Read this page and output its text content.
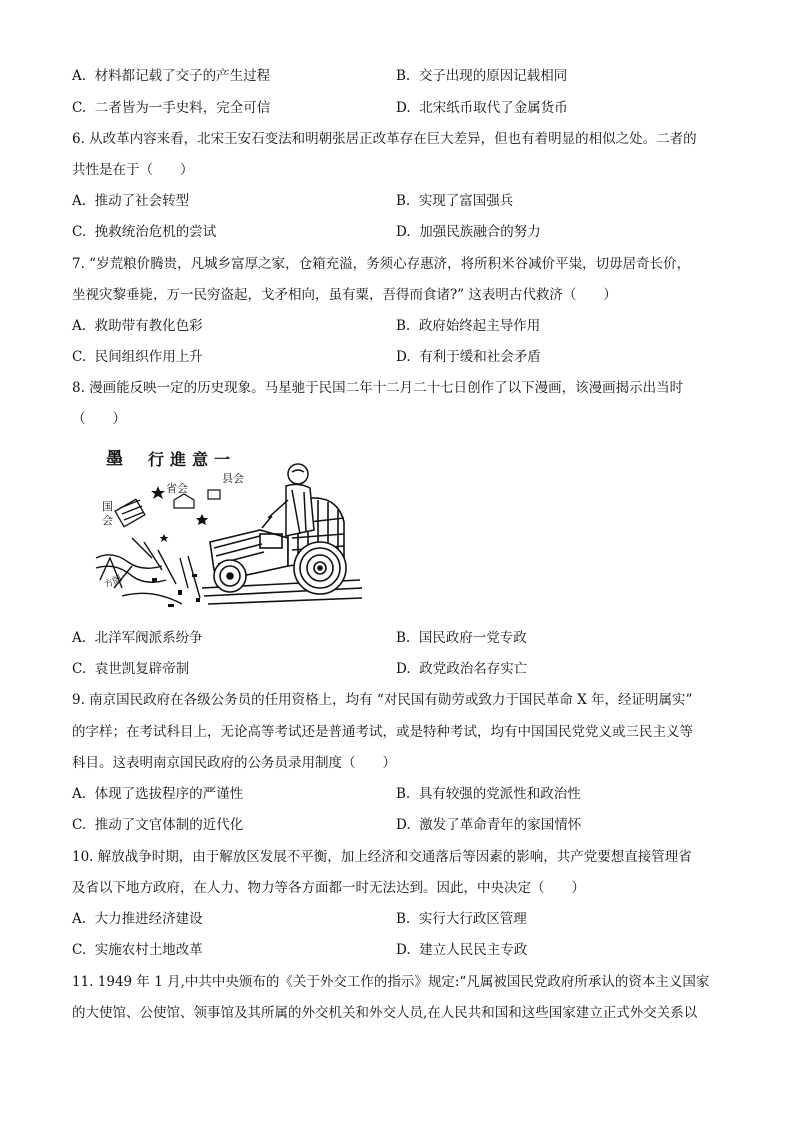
A. 材料都记载了交子的产生过程	B. 交子出现的原因记载相同
C. 二者皆为一手史料，完全可信	D. 北宋纸币取代了金属货币
6. 从改革内容来看，北宋王安石变法和明朝张居正改革存在巨大差异，但也有着明显的相似之处。二者的
共性是在于（　　）
A. 推动了社会转型	B. 实现了富国强兵
C. 挽救统治危机的尝试	D. 加强民族融合的努力
7. “岁荒粮价腾贵，凡城乡富厚之家，仓箱充溢，务须心存惠济，将所积米谷减价平粜，切毋居奇长价，
坐视灾黎垂毙，万一民穷盗起，戈矛相向，虽有粟，吾得而食诸?” 这表明古代救济（　　）
A. 救助带有教化色彩	B. 政府始终起主导作用
C. 民间组织作用上升	D. 有利于缓和社会矛盾
8. 漫画能反映一定的历史现象。马星驰于民国二年十二月二十七日创作了以下漫画，该漫画揭示出当时
（　　）
墨 行進意一
省会
县会
国
会
方阁
A. 北洋军阀派系纷争	B. 国民政府一党专政
C. 袁世凯复辟帝制	D. 政党政治名存实亡
9. 南京国民政府在各级公务员的任用资格上，均有 “对民国有勋劳或致力于国民革命 X 年，经证明属实”
的字样；在考试科目上，无论高等考试还是普通考试，或是特种考试，均有中国国民党党义或三民主义等
科目。这表明南京国民政府的公务员录用制度（　　）
A. 体现了选拔程序的严谨性	B. 具有较强的党派性和政治性
C. 推动了文官体制的近代化	D. 激发了革命青年的家国情怀
10. 解放战争时期，由于解放区发展不平衡，加上经济和交通落后等因素的影响，共产党要想直接管理省
及省以下地方政府，在人力、物力等各方面都一时无法达到。因此，中央决定（　　）
A. 大力推进经济建设	B. 实行大行政区管理
C. 实施农村土地改革	D. 建立人民民主专政
11. 1949 年 1 月,中共中央颁布的《关于外交工作的指示》规定:“凡属被国民党政府所承认的资本主义国家
的大使馆、公使馆、领事馆及其所属的外交机关和外交人员,在人民共和国和这些国家建立正式外交关系以
